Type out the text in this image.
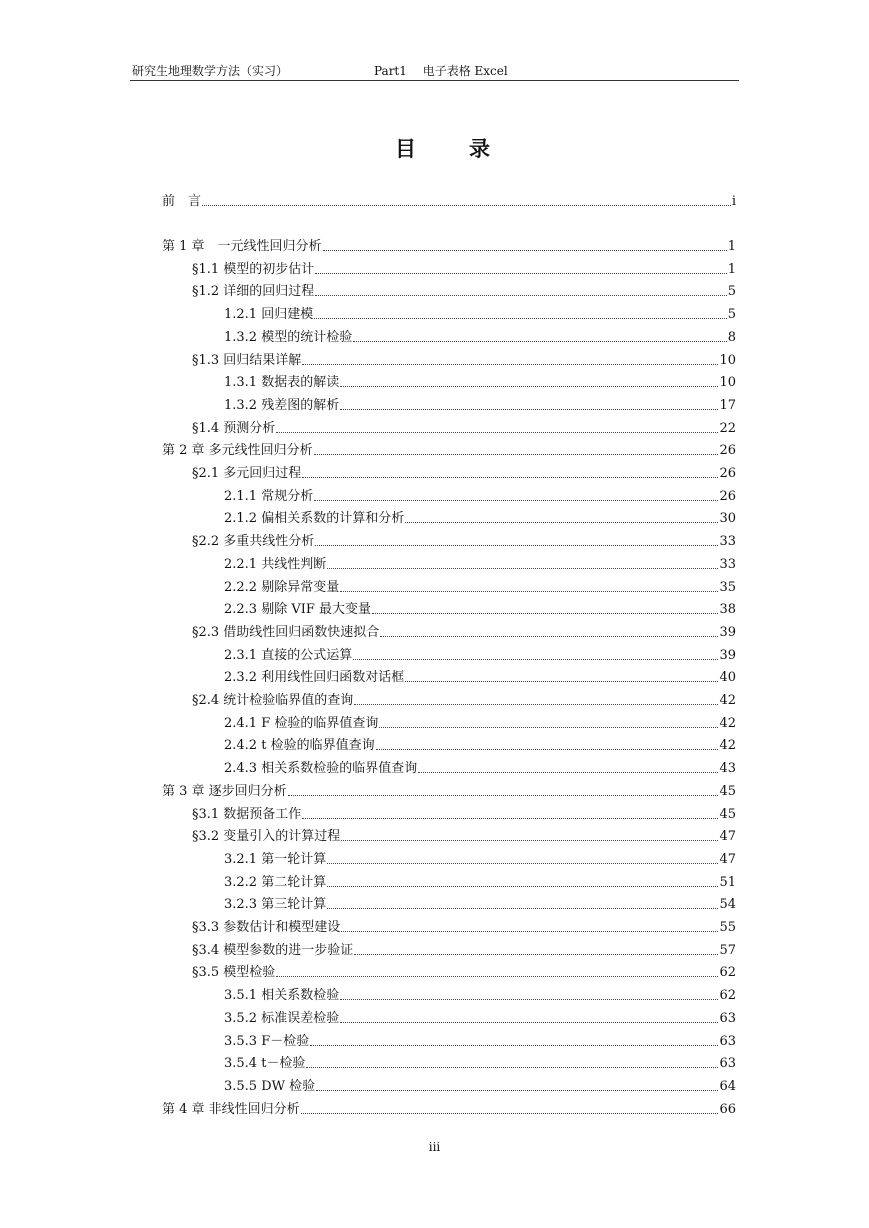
研究生地理数学方法（实习）	Part1　 电子表格 Excel
目　录
前　言	i
第 1 章　一元线性回归分析	1
§1.1 模型的初步估计	1
§1.2 详细的回归过程	5
1.2.1 回归建模	5
1.3.2 模型的统计检验	8
§1.3 回归结果详解	10
1.3.1 数据表的解读	10
1.3.2 残差图的解析	17
§1.4 预测分析	22
第 2 章 多元线性回归分析	26
§2.1 多元回归过程	26
2.1.1 常规分析	26
2.1.2 偏相关系数的计算和分析	30
§2.2 多重共线性分析	33
2.2.1 共线性判断	33
2.2.2 剔除异常变量	35
2.2.3 剔除 VIF 最大变量	38
§2.3 借助线性回归函数快速拟合	39
2.3.1 直接的公式运算	39
2.3.2 利用线性回归函数对话框	40
§2.4 统计检验临界值的查询	42
2.4.1 F 检验的临界值查询	42
2.4.2 t 检验的临界值查询	42
2.4.3 相关系数检验的临界值查询	43
第 3 章 逐步回归分析	45
§3.1 数据预备工作	45
§3.2 变量引入的计算过程	47
3.2.1 第一轮计算	47
3.2.2 第二轮计算	51
3.2.3 第三轮计算	54
§3.3 参数估计和模型建设	55
§3.4 模型参数的进一步验证	57
§3.5 模型检验	62
3.5.1 相关系数检验	62
3.5.2 标准误差检验	63
3.5.3 F－检验	63
3.5.4 t－检验	63
3.5.5 DW 检验	64
第 4 章 非线性回归分析	66
iii
